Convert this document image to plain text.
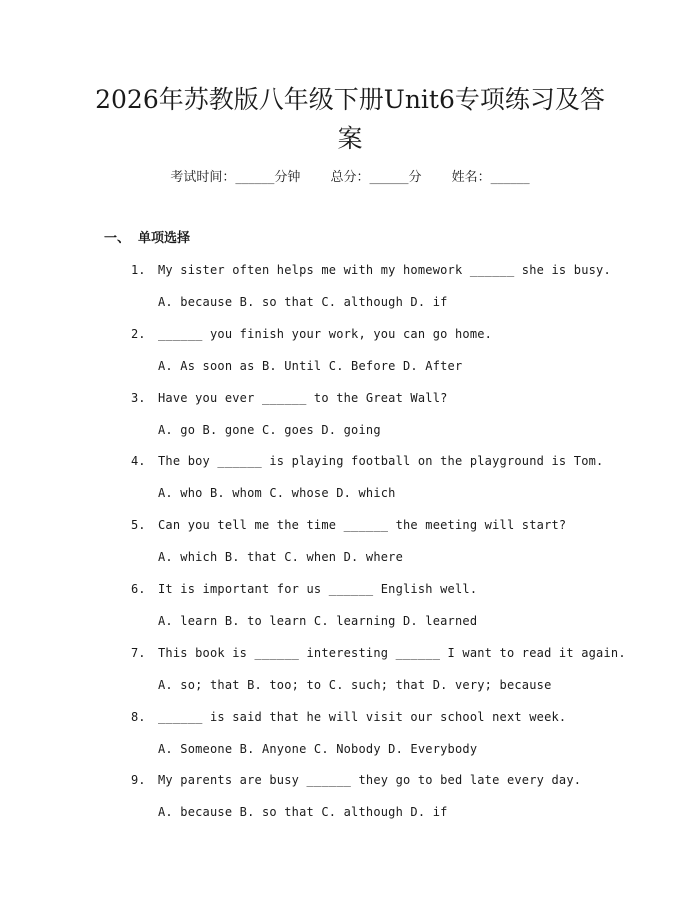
2026年苏教版八年级下册Unit6专项练习及答案
考试时间：______分钟 总分：______分 姓名：______
一、 单项选择
1. My sister often helps me with my homework ______ she is busy.
A. because B. so that C. although D. if
2. ______ you finish your work, you can go home.
A. As soon as B. Until C. Before D. After
3. Have you ever ______ to the Great Wall?
A. go B. gone C. goes D. going
4. The boy ______ is playing football on the playground is Tom.
A. who B. whom C. whose D. which
5. Can you tell me the time ______ the meeting will start?
A. which B. that C. when D. where
6. It is important for us ______ English well.
A. learn B. to learn C. learning D. learned
7. This book is ______ interesting ______ I want to read it again.
A. so; that B. too; to C. such; that D. very; because
8. ______ is said that he will visit our school next week.
A. Someone B. Anyone C. Nobody D. Everybody
9. My parents are busy ______ they go to bed late every day.
A. because B. so that C. although D. if
